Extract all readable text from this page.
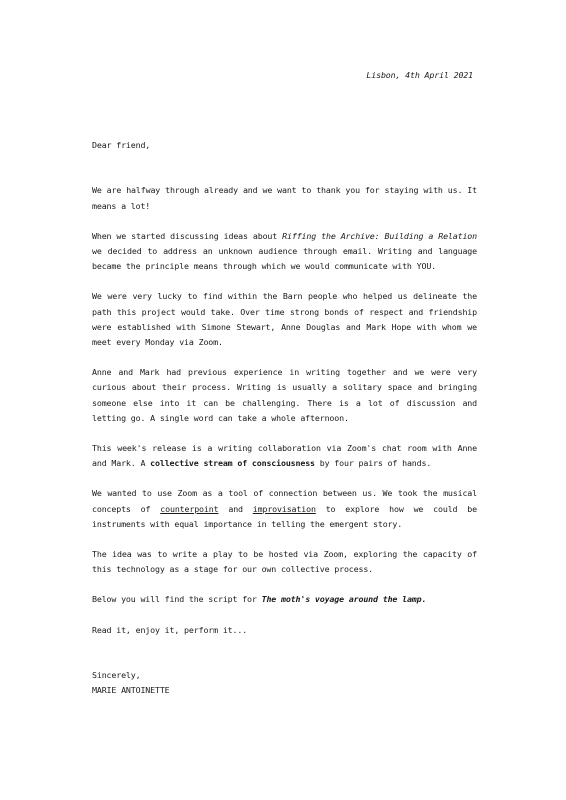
Lisbon, 4th April 2021

Dear friend,

We are halfway through already and we want to thank you for staying with us. It means a lot!

When we started discussing ideas about Riffing the Archive: Building a Relation we decided to address an unknown audience through email. Writing and language became the principle means through which we would communicate with YOU.

We were very lucky to find within the Barn people who helped us delineate the path this project would take. Over time strong bonds of respect and friendship were established with Simone Stewart, Anne Douglas and Mark Hope with whom we meet every Monday via Zoom.

Anne and Mark had previous experience in writing together and we were very curious about their process. Writing is usually a solitary space and bringing someone else into it can be challenging. There is a lot of discussion and letting go. A single word can take a whole afternoon.

This week's release is a writing collaboration via Zoom's chat room with Anne and Mark. A collective stream of consciousness by four pairs of hands.

We wanted to use Zoom as a tool of connection between us. We took the musical concepts of counterpoint and improvisation to explore how we could be instruments with equal importance in telling the emergent story.

The idea was to write a play to be hosted via Zoom, exploring the capacity of this technology as a stage for our own collective process.

Below you will find the script for The moth's voyage around the lamp.

Read it, enjoy it, perform it...

Sincerely,

MARIE ANTOINETTE
